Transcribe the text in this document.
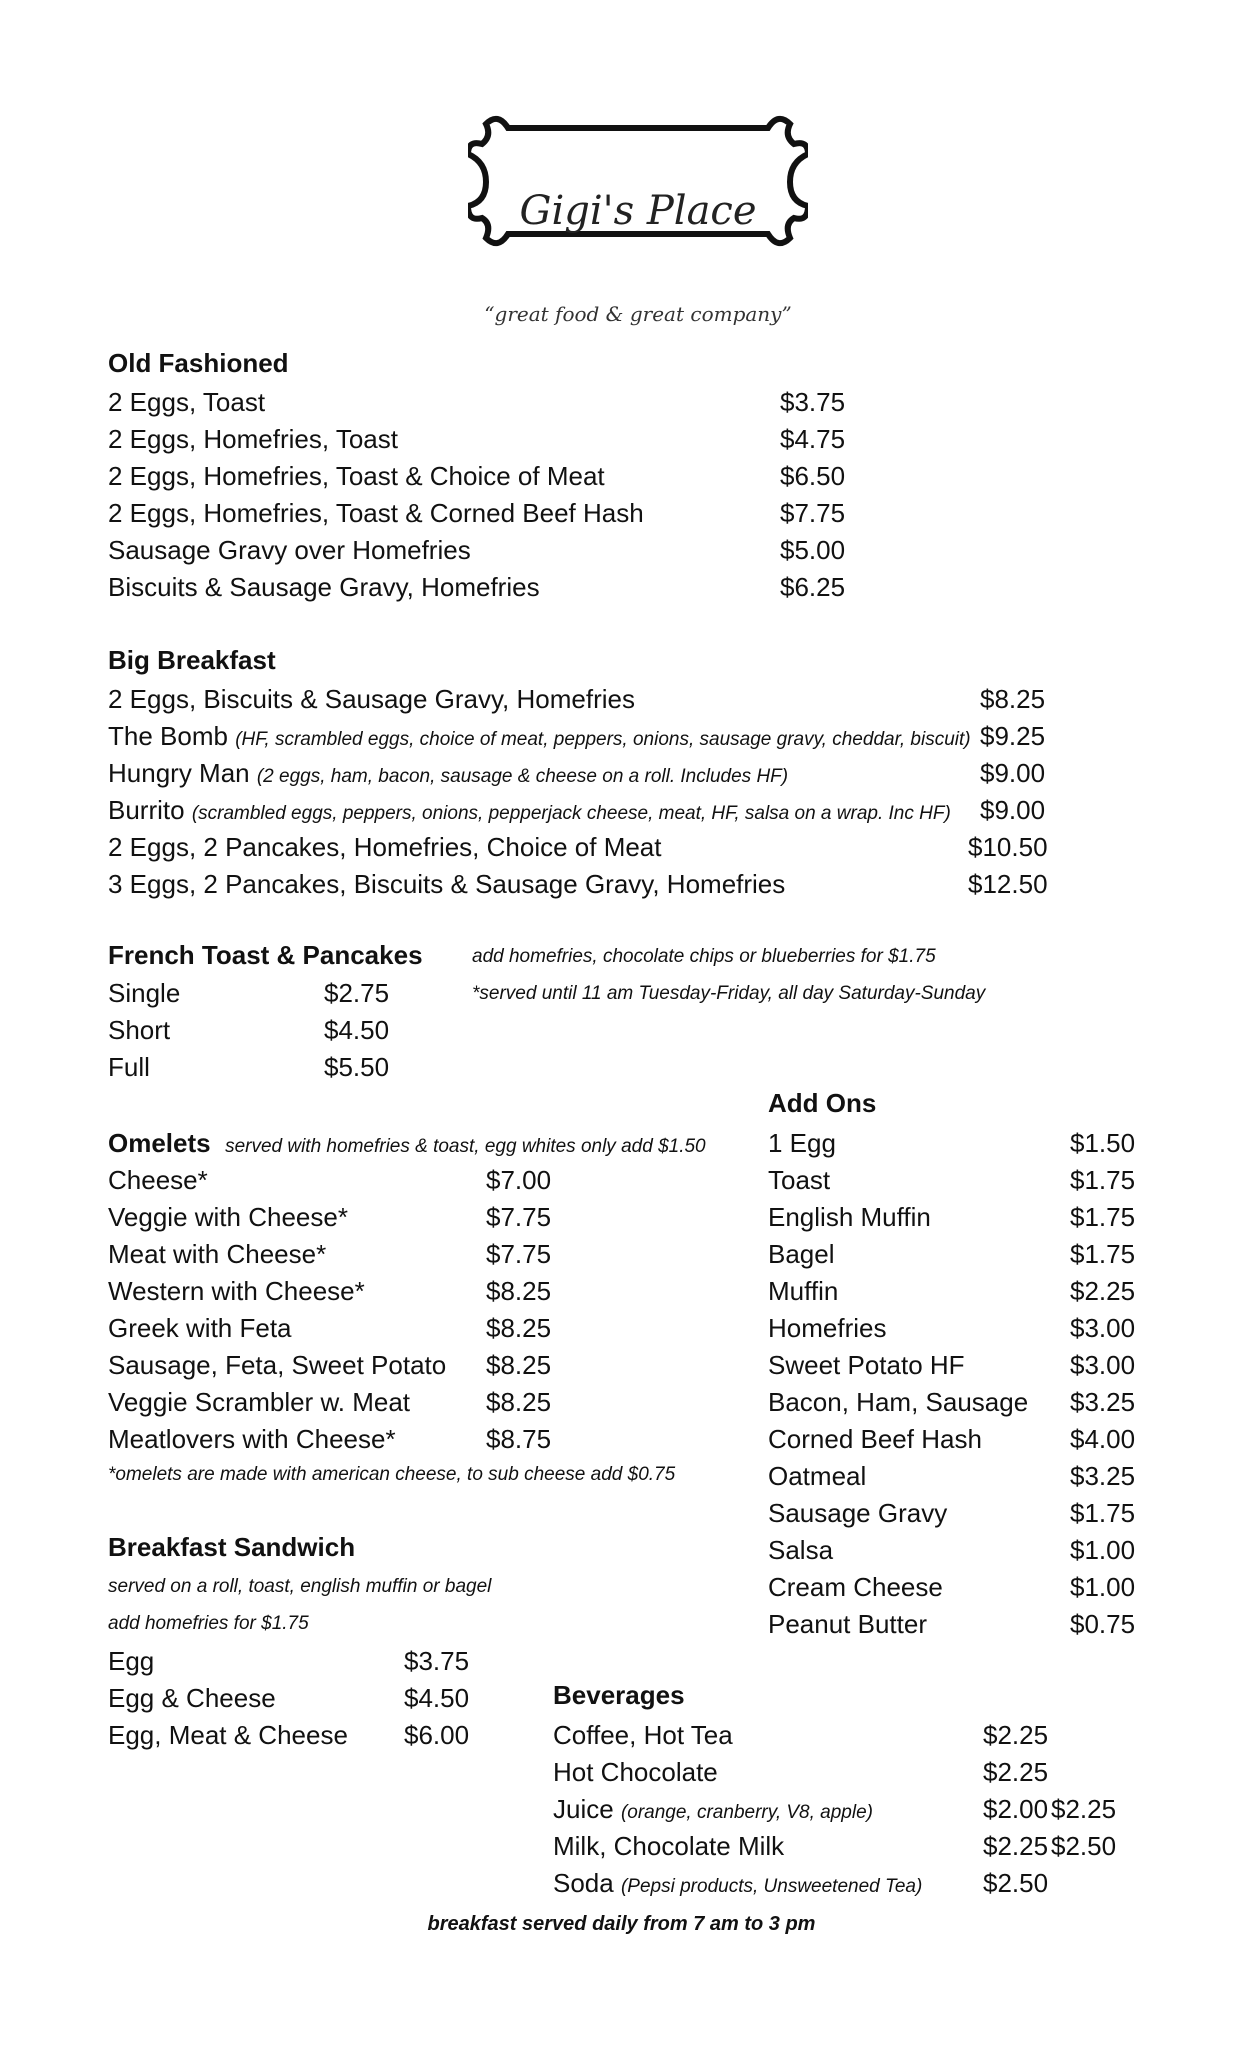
Gigi's Place
“great food & great company”
Old Fashioned
2 Eggs, Toast	$3.75
2 Eggs, Homefries, Toast	$4.75
2 Eggs, Homefries, Toast & Choice of Meat	$6.50
2 Eggs, Homefries, Toast & Corned Beef Hash	$7.75
Sausage Gravy over Homefries	$5.00
Biscuits & Sausage Gravy, Homefries	$6.25
Big Breakfast
2 Eggs, Biscuits & Sausage Gravy, Homefries	$8.25
The Bomb (HF, scrambled eggs, choice of meat, peppers, onions, sausage gravy, cheddar, biscuit) $9.25
Hungry Man (2 eggs, ham, bacon, sausage & cheese on a roll. Includes HF)	$9.00
Burrito (scrambled eggs, peppers, onions, pepperjack cheese, meat, HF, salsa on a wrap. Inc HF) $9.00
2 Eggs, 2 Pancakes, Homefries, Choice of Meat	$10.50
3 Eggs, 2 Pancakes, Biscuits & Sausage Gravy, Homefries	$12.50
French Toast & Pancakes	add homefries, chocolate chips or blueberries for $1.75
*served until 11 am Tuesday-Friday, all day Saturday-Sunday
Single	$2.75
Short	$4.50
Full	$5.50
Omelets served with homefries & toast, egg whites only add $1.50
Cheese*	$7.00
Veggie with Cheese*	$7.75
Meat with Cheese*	$7.75
Western with Cheese*	$8.25
Greek with Feta	$8.25
Sausage, Feta, Sweet Potato $8.25
Veggie Scrambler w. Meat	$8.25
Meatlovers with Cheese*	$8.75
*omelets are made with american cheese, to sub cheese add $0.75
Add Ons
1 Egg	$1.50
Toast	$1.75
English Muffin	$1.75
Bagel	$1.75
Muffin	$2.25
Homefries	$3.00
Sweet Potato HF	$3.00
Bacon, Ham, Sausage $3.25
Corned Beef Hash	$4.00
Oatmeal	$3.25
Sausage Gravy	$1.75
Salsa	$1.00
Cream Cheese	$1.00
Peanut Butter	$0.75
Breakfast Sandwich
served on a roll, toast, english muffin or bagel
add homefries for $1.75
Egg	$3.75
Egg & Cheese	$4.50
Egg, Meat & Cheese $6.00
Beverages
Coffee, Hot Tea	$2.25
Hot Chocolate	$2.25
Juice (orange, cranberry, V8, apple)	$2.00 $2.25
Milk, Chocolate Milk	$2.25 $2.50
Soda (Pepsi products, Unsweetened Tea) $2.50
breakfast served daily from 7 am to 3 pm
